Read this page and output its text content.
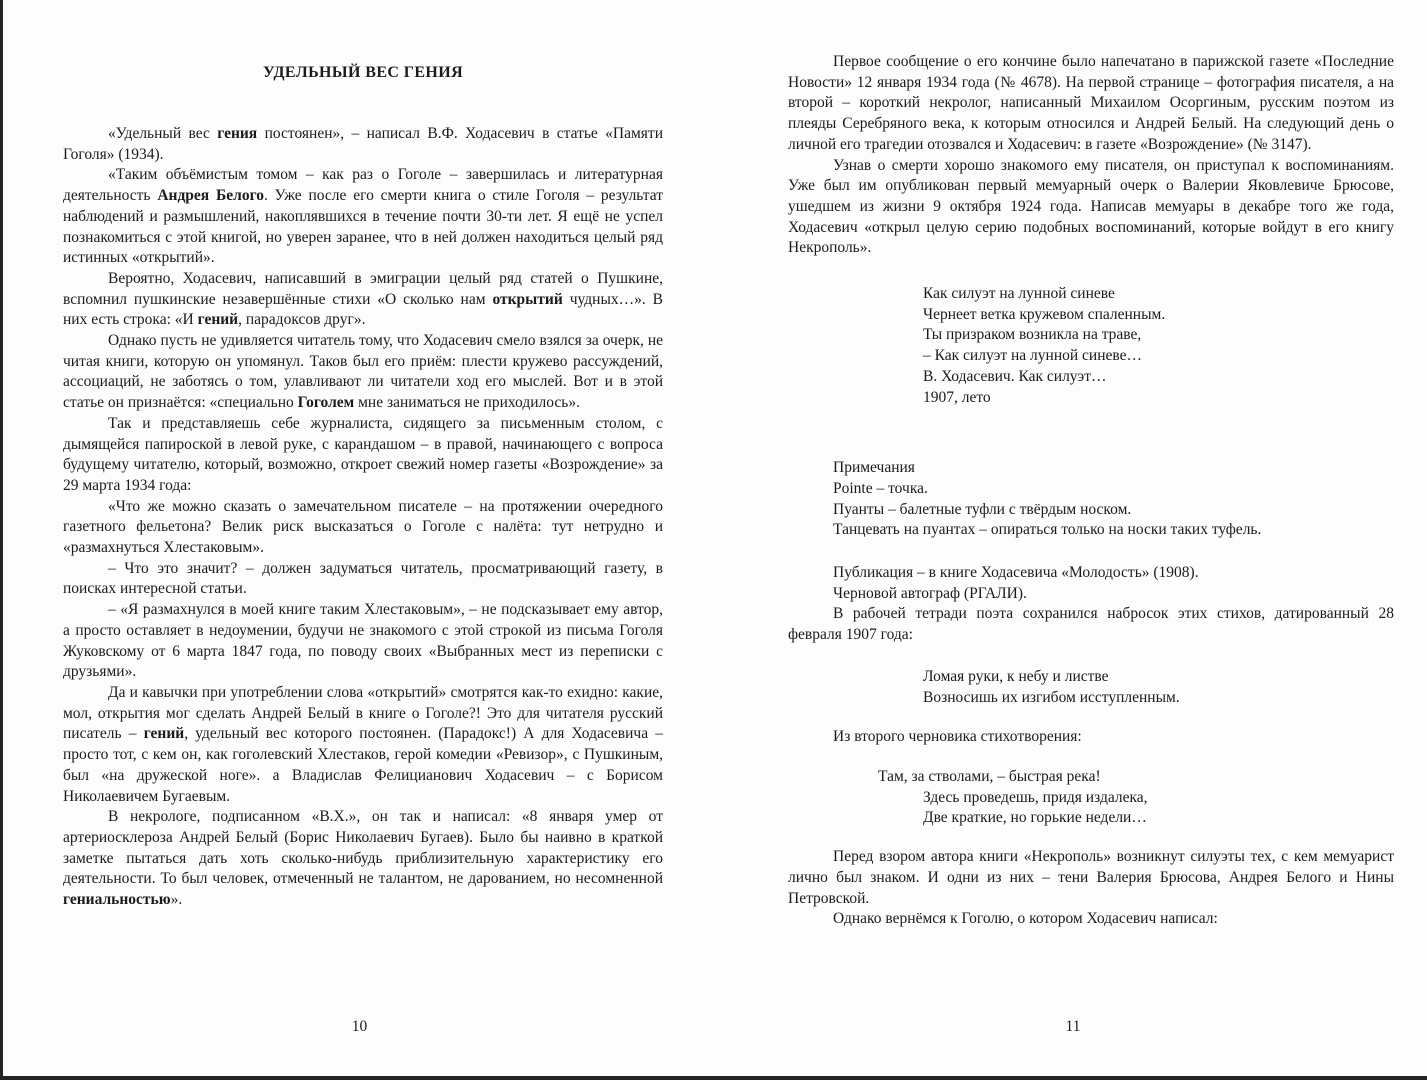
УДЕЛЬНЫЙ ВЕС ГЕНИЯ

«Удельный вес гения постоянен», – написал В.Ф. Ходасевич в статье «Памяти Гоголя» (1934).

«Таким объёмистым томом – как раз о Гоголе – завершилась и литературная деятельность Андрея Белого. Уже после его смерти книга о стиле Гоголя – результат наблюдений и размышлений, накоплявшихся в течение почти 30-ти лет. Я ещё не успел познакомиться с этой книгой, но уверен заранее, что в ней должен находиться целый ряд истинных «открытий».

Вероятно, Ходасевич, написавший в эмиграции целый ряд статей о Пушкине, вспомнил пушкинские незавершённые стихи «О сколько нам открытий чудных…». В них есть строка: «И гений, парадоксов друг».

Однако пусть не удивляется читатель тому, что Ходасевич смело взялся за очерк, не читая книги, которую он упомянул. Таков был его приём: плести кружево рассуждений, ассоциаций, не заботясь о том, улавливают ли читатели ход его мыслей. Вот и в этой статье он признаётся: «специально Гоголем мне заниматься не приходилось».

Так и представляешь себе журналиста, сидящего за письменным столом, с дымящейся папироской в левой руке, с карандашом – в правой, начинающего с вопроса будущему читателю, который, возможно, откроет свежий номер газеты «Возрождение» за 29 марта 1934 года:

«Что же можно сказать о замечательном писателе – на протяжении очередного газетного фельетона? Велик риск высказаться о Гоголе с налёта: тут нетрудно и «размахнуться Хлестаковым».

– Что это значит? – должен задуматься читатель, просматривающий газету, в поисках интересной статьи.

– «Я размахнулся в моей книге таким Хлестаковым», – не подсказывает ему автор, а просто оставляет в недоумении, будучи не знакомого с этой строкой из письма Гоголя Жуковскому от 6 марта 1847 года, по поводу своих «Выбранных мест из переписки с друзьями».

Да и кавычки при употреблении слова «открытий» смотрятся как-то ехидно: какие, мол, открытия мог сделать Андрей Белый в книге о Гоголе?! Это для читателя русский писатель – гений, удельный вес которого постоянен. (Парадокс!) А для Ходасевича – просто тот, с кем он, как гоголевский Хлестаков, герой комедии «Ревизор», с Пушкиным, был «на дружеской ноге». а Владислав Фелицианович Ходасевич – с Борисом Николаевичем Бугаевым.

В некрологе, подписанном «В.Х.», он так и написал: «8 января умер от артериосклероза Андрей Белый (Борис Николаевич Бугаев). Было бы наивно в краткой заметке пытаться дать хоть сколько-нибудь приблизительную характеристику его деятельности. То был человек, отмеченный не талантом, не дарованием, но несомненной гениальностью».

10

Первое сообщение о его кончине было напечатано в парижской газете «Последние Новости» 12 января 1934 года (№ 4678). На первой странице – фотография писателя, а на второй – короткий некролог, написанный Михаилом Осоргиным, русским поэтом из плеяды Серебряного века, к которым относился и Андрей Белый. На следующий день о личной его трагедии отозвался и Ходасевич: в газете «Возрождение» (№ 3147).

Узнав о смерти хорошо знакомого ему писателя, он приступал к воспоминаниям. Уже был им опубликован первый мемуарный очерк о Валерии Яковлевиче Брюсове, ушедшем из жизни 9 октября 1924 года. Написав мемуары в декабре того же года, Ходасевич «открыл целую серию подобных воспоминаний, которые войдут в его книгу Некрополь».

Как силуэт на лунной синеве
Чернеет ветка кружевом спаленным.
Ты призраком возникла на траве,
– Как силуэт на лунной синеве…
В. Ходасевич. Как силуэт…
1907, лето
Примечания
Pointe – точка.
Пуанты – балетные туфли с твёрдым носком.
Танцевать на пуантах – опираться только на носки таких туфель.
Публикация – в книге Ходасевича «Молодость» (1908).
Черновой автограф (РГАЛИ).

В рабочей тетради поэта сохранился набросок этих стихов, датированный 28 февраля 1907 года:

Ломая руки, к небу и листве
Возносишь их изгибом исступленным.

Из второго черновика стихотворения:

Там, за стволами, – быстрая река!
Здесь проведешь, придя издалека,
Две краткие, но горькие недели…

Перед взором автора книги «Некрополь» возникнут силуэты тех, с кем мемуарист лично был знаком. И одни из них – тени Валерия Брюсова, Андрея Белого и Нины Петровской.

Однако вернёмся к Гоголю, о котором Ходасевич написал:

11
